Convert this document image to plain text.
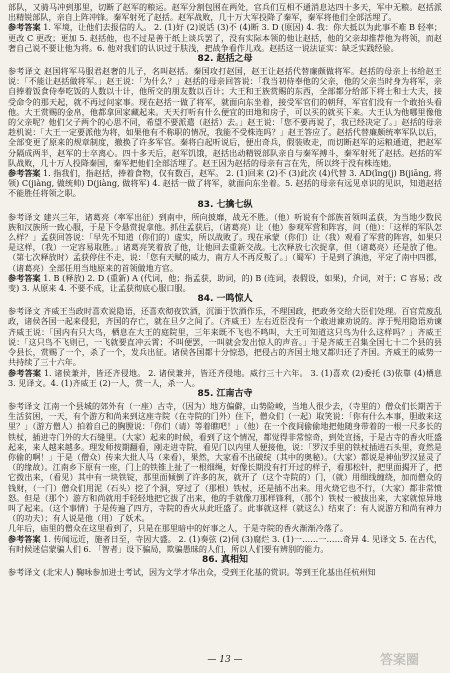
部队，又骑马冲到那里，切断了赵军的粮运。赵军分割包围在两处，官兵们互相不通消息达四十多天，军中无粮。赵括派出精锐部队，亲自上阵冲锋。秦军射死了赵括。赵军战败，几十万大军投降了秦军，秦军将他们全部活埋了。

参考答案 1. 军境，让他们去报信的人。 2. (1)好 (2)说话 (3)不 (4)断 3. D (原因) 4. 我：你大抵以为此事不难 B 轻率；更改 C 更改；更加 5. 赵括他，也不过是善于纸上谈兵罢了，没有实际本领的他让赵括，他的父亲却推荐他为将领，而赵奢自己说不要让他为将。6. 他对我们的认识过于肤浅，把战争看作儿戏。赵括这一说法证实：缺乏实践经验。

82. 赵括之母

参考译文 赵国将军马服君赵奢的儿子，名叫赵括。秦国攻打赵国，赵王让赵括代替廉颇做将军。赵括的母亲上书给赵王说：「不能让赵括做将军。」赵王说：「为什么？」赵括的母亲回答说：「我当初侍奉他的父亲，他的父亲当时身为将军，亲自捧着饭食侍奉吃饭的人数以十计，他所交的朋友数以百计；大王和王族赏赐的东西，全部都分给部下将士和士大夫，接受命令的那天起，就不再过问家事。现在赵括一做了将军，就面向东坐着，接受军官们的朝拜，军官们没有一个敢抬头看他。大王赏赐的金帛，他都拿回家藏起来。天天打听有什么便宜的田地和房子，可以买的就买下来。大王认为他哪里像他的父亲呢？他们父子两个的心思不同，希望不要派遣（赵括）去。」赵王说：「您不要再说了，我已经决定了。」赵括的母亲趁机说：「大王一定要派他为将，如果他有不称职的情况，我能不受株连吗？」赵王答应了。赵括代替廉颇统率军队以后，全部变更了原来的规章制度，撤换了许多军官。秦将白起听说后，便出奇兵，假装败走，而切断赵军的运粮通道，把赵军分隔成两半，赵军的士卒离心。四十多天后，赵军饥饿，赵括出动精锐部队亲自与秦军搏斗，秦军射死了赵括。赵括的军队战败，几十万人投降秦国，秦军把他们全部活埋了。赵王因为赵括的母亲有言在先，所以终于没有株连她。

参考答案 1. 指我们，指赵括，捧着食物，仅有数百，赵军。 2. (1)回来 (2)不 (3)此次 (4)代替 3. AD(ǐng(j) B(jiāng, 将领) C(jiàng, 做统帅) D(jiàng, 做将军) 4. 赵括一做了将军，就面向东坐着。5. 赵括的母亲有远见卓识的见识，知道赵括不能胜任将领之职。

83. 七擒七纵

参考译文 建兴三年，诸葛亮（率军出征）到南中，所向披靡，战无不胜。（他）听说有个部族首领叫孟获，为当地少数民族和汉族所一致心服，于是下令悬赏捉拿他。抓住孟获后，（诸葛亮）让（他）参观军营和阵容，问（他）：「这样的军队怎么样？」孟获回答说：「早先不知道（你们的）虚实，所以战败了。现在承蒙（你们）让（我）观看了军营的阵容，如果只是这样，（我）一定容易取胜。」诸葛亮笑着放了他，让他回去重新交战。七次释放七次捉拿，但（诸葛亮）还是放了他。（第七次释放时）孟获停住不走，说：「您有天赋的威力，南方人不再反叛了。」（蜀军）于是到了滇池，平定了南中四郡，（诸葛亮）全部任用当地原来的首领做地方官。

参考答案 1. B (释放) 2. D (重新) A (代词，他；指孟获，助词，的) B (连词，表假设，如果)，介词，对于；C 容易；改变) 3. 从原来 4. 不要不成，让孟获彻底心服口服。

84. 一鸣惊人

参考译文 齐威王当政时喜欢说隐语，还喜欢彻夜饮酒，沉湎于饮酒作乐，不理国政，把政务交给大臣们处理。百官荒废乱政，诸侯各国一起来侵犯，齐国的存亡，就在旦夕之间了。（齐威王）左右近臣没有一个敢进谏劝说的。淳于髡用隐语劝谏齐威王说：「国内有只大鸟，栖息在大王的庭院里，三年来既不飞也不鸣叫，大王可知道这只鸟为什么这样吗？」齐威王说：「这只鸟不飞则已，一飞就要直冲云霄；不叫便罢，一叫就会发出惊人的声音。」于是齐威王召集全国七十二个县的县令县长，赏赐了一个，杀了一个，发兵出征。诸侯各国都十分惊恐，把侵占的齐国土地又都归还了齐国。齐威王的威势一共持续了三十六年。

参考答案 1. 诸侯兼并，皆还齐侵地。 2. 诸侯兼并，皆还齐侵地。威行三十六年。 3. (1)喜欢 (2)委托 (3)依靠 (4)栖息 3. 见译文。4. (1)齐威王 (2)一人，赏一人，杀一人。

85. 江南古寺

参考译文 江南一个县城的郊外有（一座）古寺，（因为）地方偏僻，山势险峻，当地人很少去，（寺里的）僧众们长期苦于生活贫困，一天，有个游方和尚来到这座寺院（在寺院的门外）住下，僧众们（一起）取笑说：「你有什么本事，胆敢来这里？」（游方僧人）拍着自己的胸膛说：「你们（请）等着瞧吧！」（他）在一个夜间偷偷地把他随身带着的一根一尺多长的铁杖，插进寺门外的大石缝里。（大家）起来的时候，看到了这个情况，都觉得非常惊奇，到处宣扬，于是古寺的香火旺盛起来，来人越来越多。理发师按期翻看，刚走进寺院，看见门以内里人便接他，说：「罗汉手里的铁杖插进石头里，竟然是你偷的啊！」于是（僧众）传来大批人马（来看），果然，大家看不出破绽（其中的奥秘）。（大家）都说是神仙罗汉显灵了（的缘故）。江南乡下原有一座，门上的铁锥上扯了一根细绳，好像长期没有打开过的样子，看那松针，把里面揭开了，把它拨出来，（看见）其中有一块铁锭，那里面倾倒了许多的灰，就开了（这个寺院的）门，（就）用细线缠绕，加而僧众的钱财，（一门）僧众们用泥（石头）挖了个洞，穿过了（那根）铁杖，还是插不出来。用火烧它也不行，（大家）都非常愤怒。但是（那个）游方和尚就用手轻轻地把它拔了出来，他的手就像刀那样锋利，（那个）铁杖一被拔出来，大家就惊异地叫了起来。（这个事情）于是传遍了四方，寺院的香火从此旺盛了。此事就这样（就这么）结束了：有人说游方和尚有神力（的功夫）；有人说是他（用）了妖术。

几年后，庙里的僧众在这里看到了，只是在那里暗中的好事之人，于是寺院的香火渐渐冷落了。

参考答案 1. 传闻远近，施者日至，寺因大盛。 2. (1)奏弦 (2)伺 (3)腐烂 3. (1)一……一……奇异 4. 见译文 5. 在古代，有时候迷信蒙骗人们 6. 「智者」设下骗局，欺骗愚昧的人们，所以人们要有辨别的能力。

86. 真相知

参考译文 (北宋人) 鞠咏参加进士考试，因为文学才华出众，受到王化基的赏识。等到王化基出任杭州知

— 13 —	答案圈
